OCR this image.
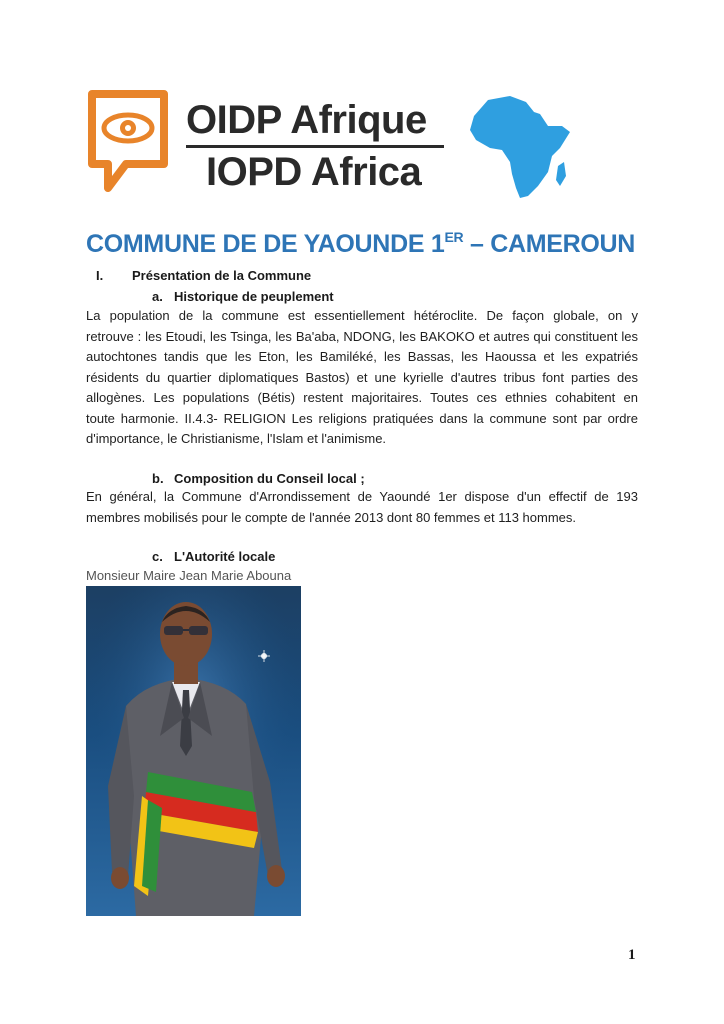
OIDP Afrique
IOPD Africa
COMMUNE DE DE YAOUNDE 1ER – CAMEROUN
I. Présentation de la Commune
a. Historique de peuplement
La population de la commune est essentiellement hétéroclite. De façon globale, on y
retrouve : les Etoudi, les Tsinga, les Ba'aba, NDONG, les BAKOKO et autres qui constituent les
autochtones tandis que les Eton, les Bamiléké, les Bassas, les Haoussa et les expatriés
résidents du quartier diplomatiques Bastos) et une kyrielle d'autres tribus font parties des
allogènes. Les populations (Bétis) restent majoritaires. Toutes ces ethnies cohabitent en
toute harmonie. II.4.3- RELIGION Les religions pratiquées dans la commune sont par ordre
d'importance, le Christianisme, l'Islam et l'animisme.
b. Composition du Conseil local ;
En général, la Commune d'Arrondissement de Yaoundé 1er dispose d'un effectif de 193
membres mobilisés pour le compte de l'année 2013 dont 80 femmes et 113 hommes.
c. L'Autorité locale
Monsieur Maire Jean Marie Abouna
1
